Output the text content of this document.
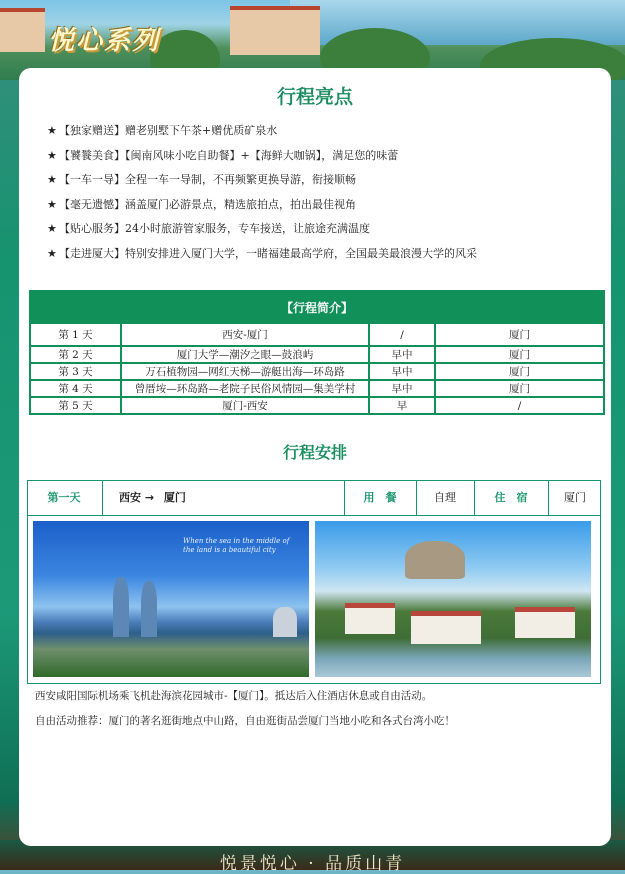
悦心系列
悦景悦心 · 品质山青
行程亮点
★ 【独家赠送】赠老别墅下午茶+赠优质矿泉水
★ 【饕餮美食】【闽南风味小吃自助餐】+【海鲜大咖锅】，满足您的味蕾
★ 【一车一导】全程一车一导制，不再频繁更换导游，衔接顺畅
★ 【毫无遗憾】涵盖厦门必游景点，精选旅拍点，拍出最佳视角
★ 【贴心服务】24小时旅游管家服务，专车接送，让旅途充满温度
★ 【走进厦大】特别安排进入厦门大学，一睹福建最高学府，全国最美最浪漫大学的风采
【行程简介】			
第 1 天	西安-厦门	/	厦门
第 2 天	厦门大学—潮汐之眼—鼓浪屿	早中	厦门
第 3 天	万石植物园—网红天梯—游艇出海—环岛路	早中	厦门
第 4 天	曾厝垵—环岛路—老院子民俗风情园—集美学村	早中	厦门
第 5 天	厦门-西安	早	/
行程安排
第一天	西安 → 厦门	用　餐	自理	住　宿	厦门
When the sea in the middle of the land is a beautiful city
西安咸阳国际机场乘飞机赴海滨花园城市-【厦门】。抵达后入住酒店休息或自由活动。
自由活动推荐：厦门的著名逛街地点中山路，自由逛街品尝厦门当地小吃和各式台湾小吃！
